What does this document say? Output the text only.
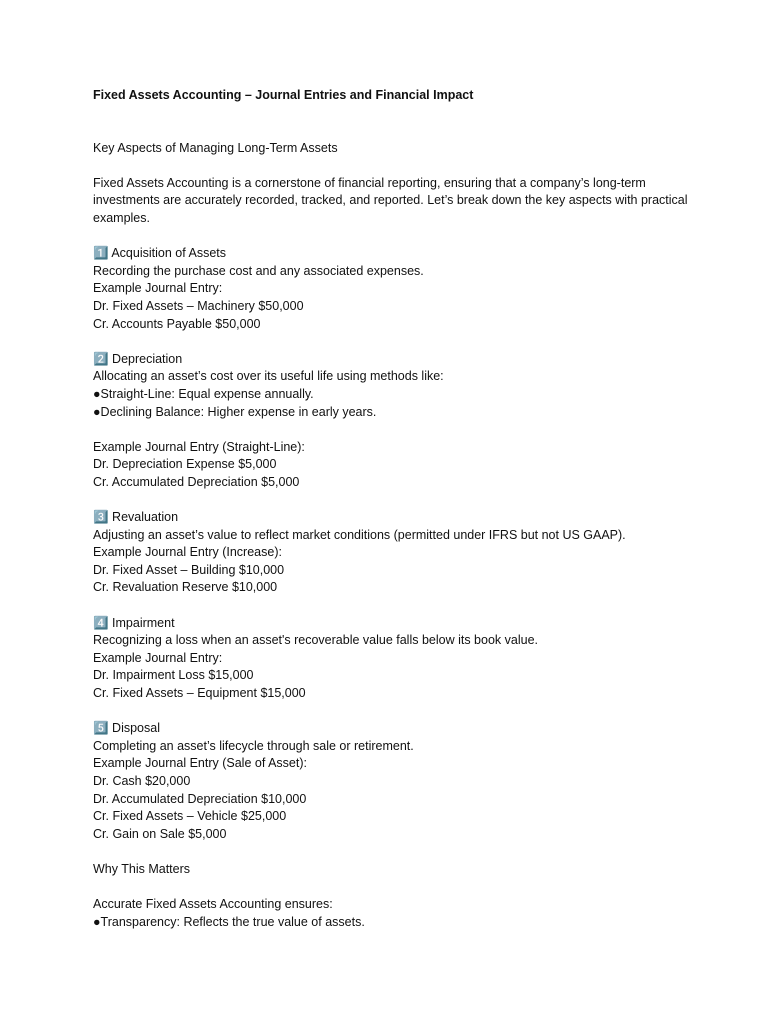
Fixed Assets Accounting – Journal Entries and Financial Impact

Key Aspects of Managing Long-Term Assets

Fixed Assets Accounting is a cornerstone of financial reporting, ensuring that a company’s long-term investments are accurately recorded, tracked, and reported. Let’s break down the key aspects with practical examples.

1️⃣ Acquisition of Assets

Recording the purchase cost and any associated expenses.

Example Journal Entry:

Dr. Fixed Assets – Machinery $50,000

Cr. Accounts Payable $50,000

2️⃣ Depreciation

Allocating an asset’s cost over its useful life using methods like:

●Straight-Line: Equal expense annually.

●Declining Balance: Higher expense in early years.

Example Journal Entry (Straight-Line):

Dr. Depreciation Expense $5,000

Cr. Accumulated Depreciation $5,000

3️⃣ Revaluation

Adjusting an asset’s value to reflect market conditions (permitted under IFRS but not US GAAP).

Example Journal Entry (Increase):

Dr. Fixed Asset – Building $10,000

Cr. Revaluation Reserve $10,000

4️⃣ Impairment

Recognizing a loss when an asset's recoverable value falls below its book value.

Example Journal Entry:

Dr. Impairment Loss $15,000

Cr. Fixed Assets – Equipment $15,000

5️⃣ Disposal

Completing an asset’s lifecycle through sale or retirement.

Example Journal Entry (Sale of Asset):

Dr. Cash $20,000

Dr. Accumulated Depreciation $10,000

Cr. Fixed Assets – Vehicle $25,000

Cr. Gain on Sale $5,000

Why This Matters

Accurate Fixed Assets Accounting ensures:

●Transparency: Reflects the true value of assets.
